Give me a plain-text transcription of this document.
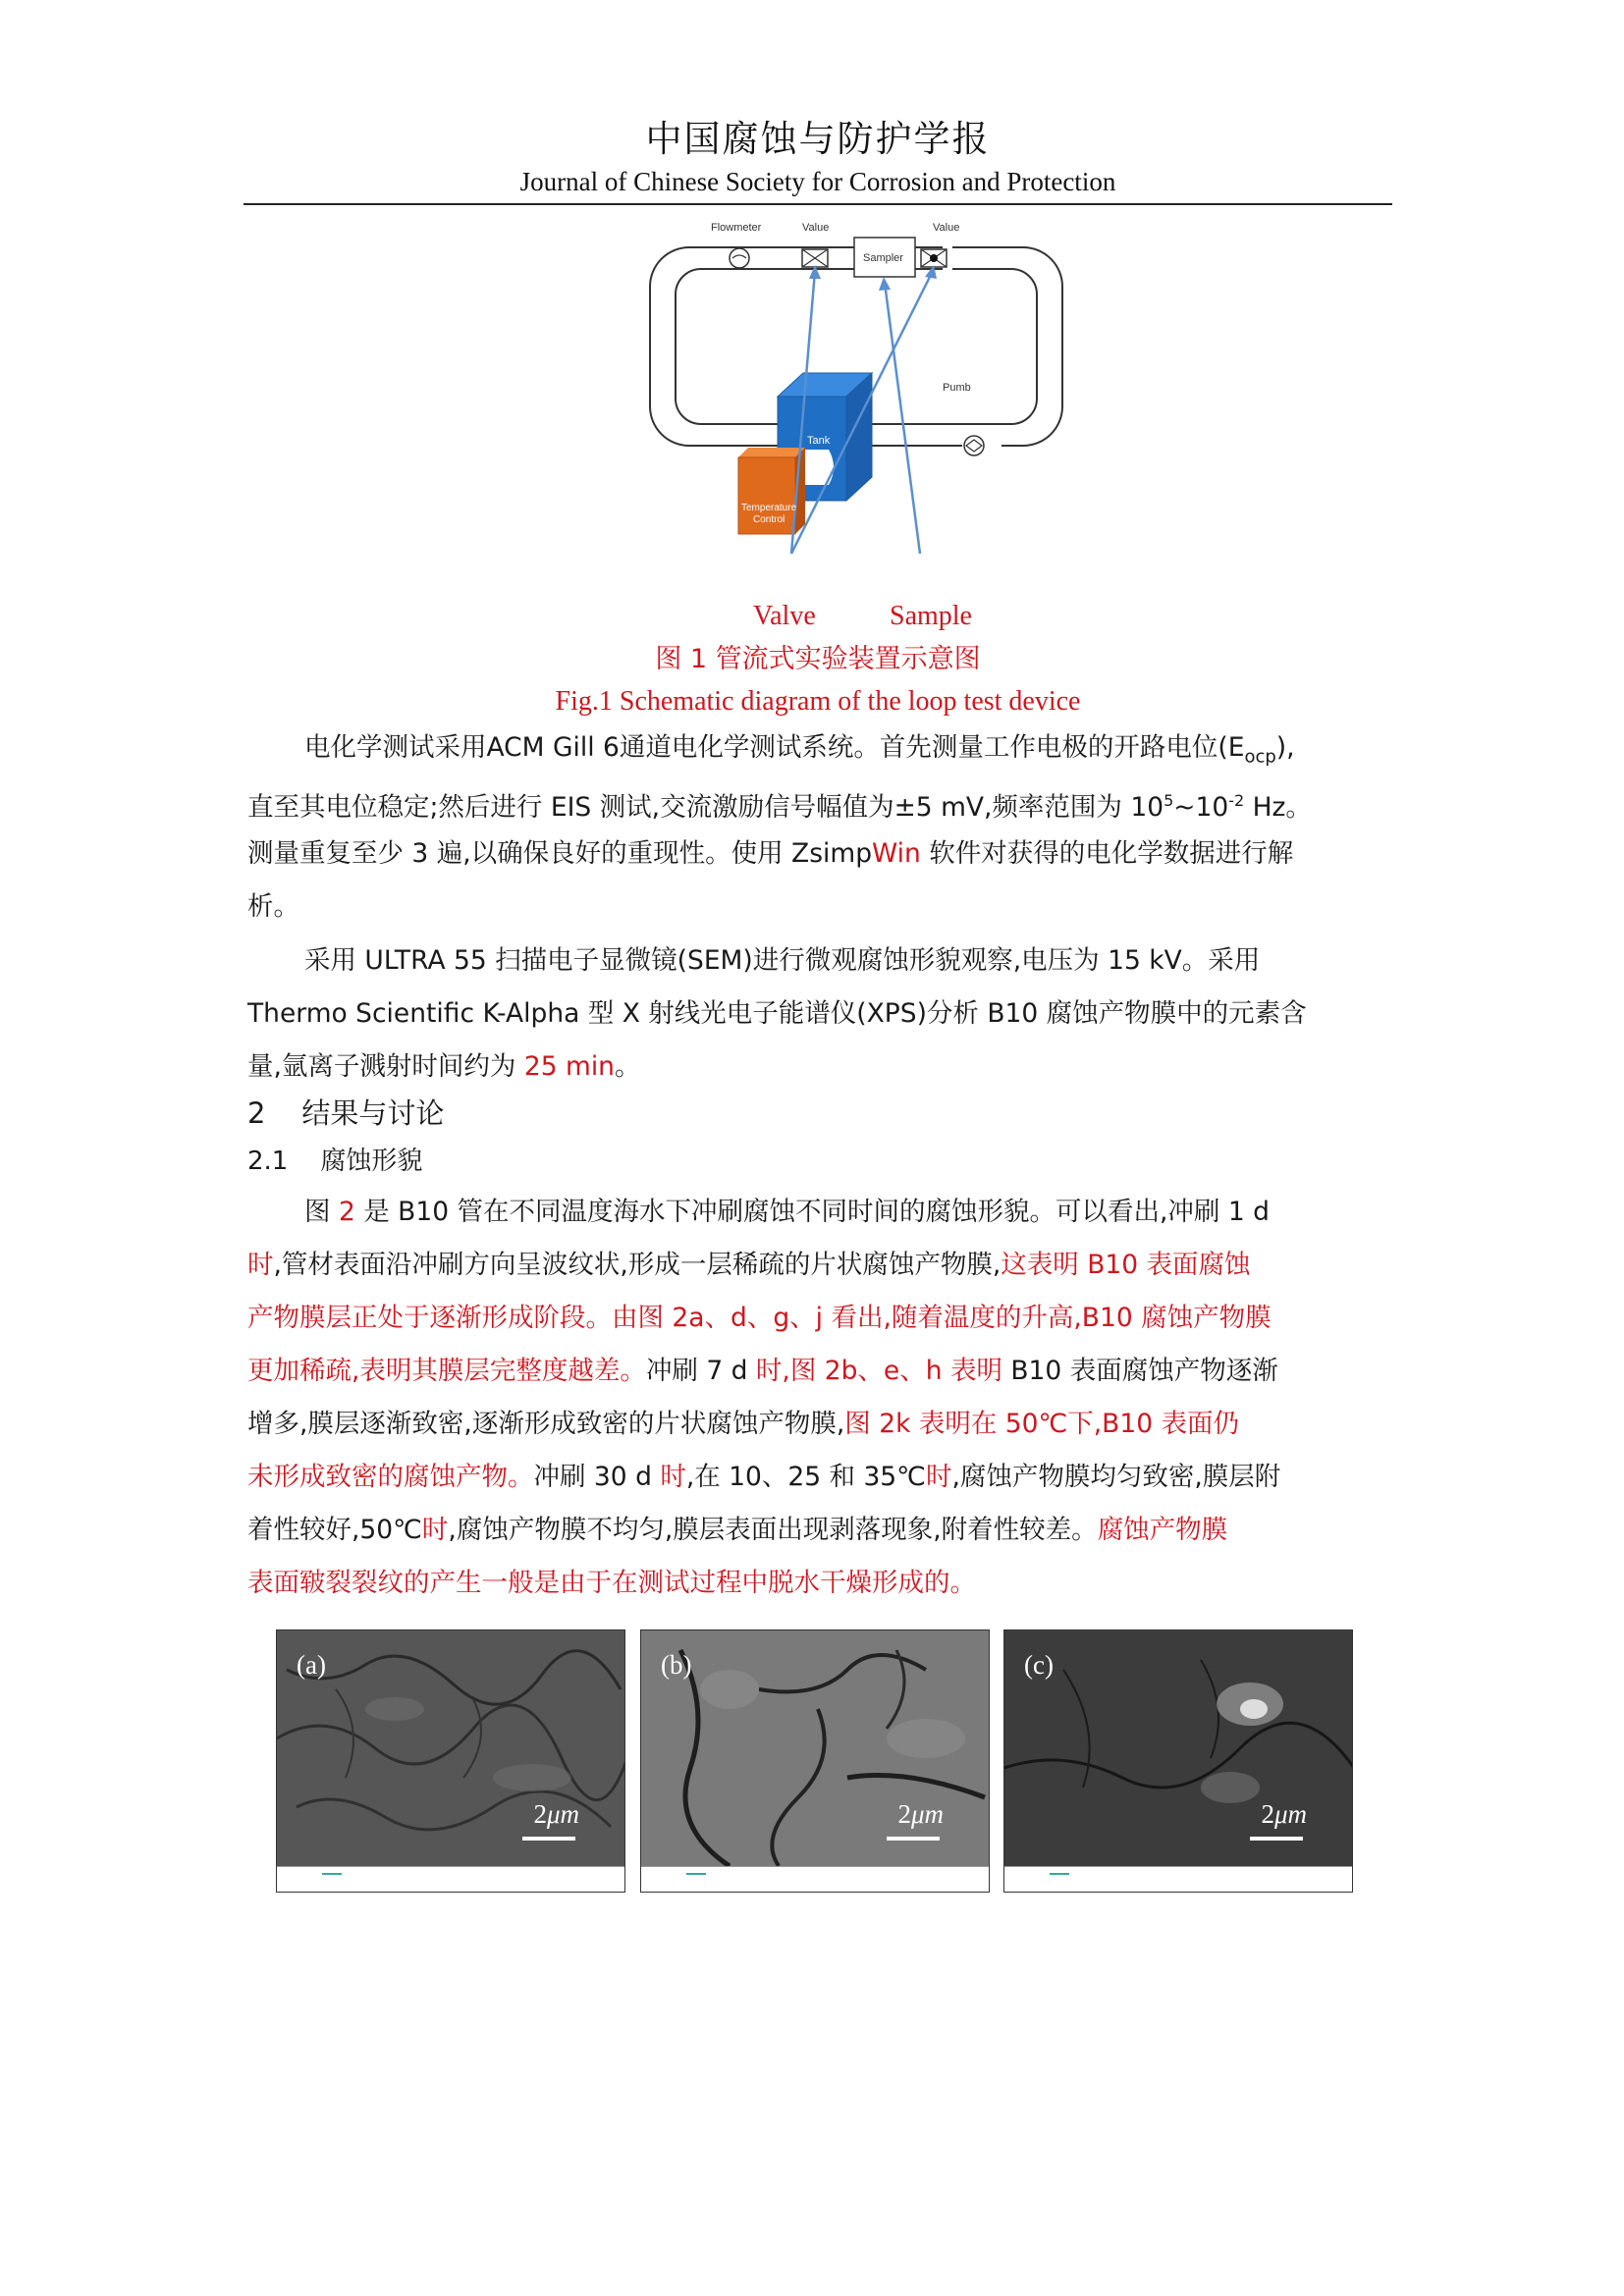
中国腐蚀与防护学报
Journal of Chinese Society for Corrosion and Protection
Flowmeter	Value	Value
Sampler
Pumb
Tank
Temperature
Control
Valve	Sample
图 1 管流式实验装置示意图
Fig.1 Schematic diagram of the loop test device
电化学测试采用ACM Gill 6通道电化学测试系统。首先测量工作电极的开路电位$(E_{ocp})$,
直至其电位稳定;然后进行 EIS 测试,交流激励信号幅值为±5 mV,频率范围为 $10^5\sim 10^{-2}$ Hz。
测量重复至少 3 遍,以确保良好的重现性。使用 ZsimpWin 软件对获得的电化学数据进行解
析。
采用 ULTRA 55 扫描电子显微镜(SEM)进行微观腐蚀形貌观察,电压为 15 kV。采用
Thermo Scientific K-Alpha 型 X 射线光电子能谱仪(XPS)分析 B10 腐蚀产物膜中的元素含
量,氩离子溅射时间约为 25 min。
2    结果与讨论
2.1    腐蚀形貌
图 2 是 B10 管在不同温度海水下冲刷腐蚀不同时间的腐蚀形貌。可以看出,冲刷 1 d
时,管材表面沿冲刷方向呈波纹状,形成一层稀疏的片状腐蚀产物膜,这表明 B10 表面腐蚀
产物膜层正处于逐渐形成阶段。由图 2a、d、g、j 看出,随着温度的升高,B10 腐蚀产物膜
更加稀疏,表明其膜层完整度越差。冲刷 7 d 时,图 2b、e、h 表明 B10 表面腐蚀产物逐渐
增多,膜层逐渐致密,逐渐形成致密的片状腐蚀产物膜,图 2k 表明在 50℃下,B10 表面仍
未形成致密的腐蚀产物。冲刷 30 d 时,在 10、25 和 35℃时,腐蚀产物膜均匀致密,膜层附
着性较好,50℃时,腐蚀产物膜不均匀,膜层表面出现剥落现象,附着性较差。腐蚀产物膜
表面皲裂裂纹的产生一般是由于在测试过程中脱水干燥形成的。
(a)
2μm
(b)
2μm
(c)
2μm
